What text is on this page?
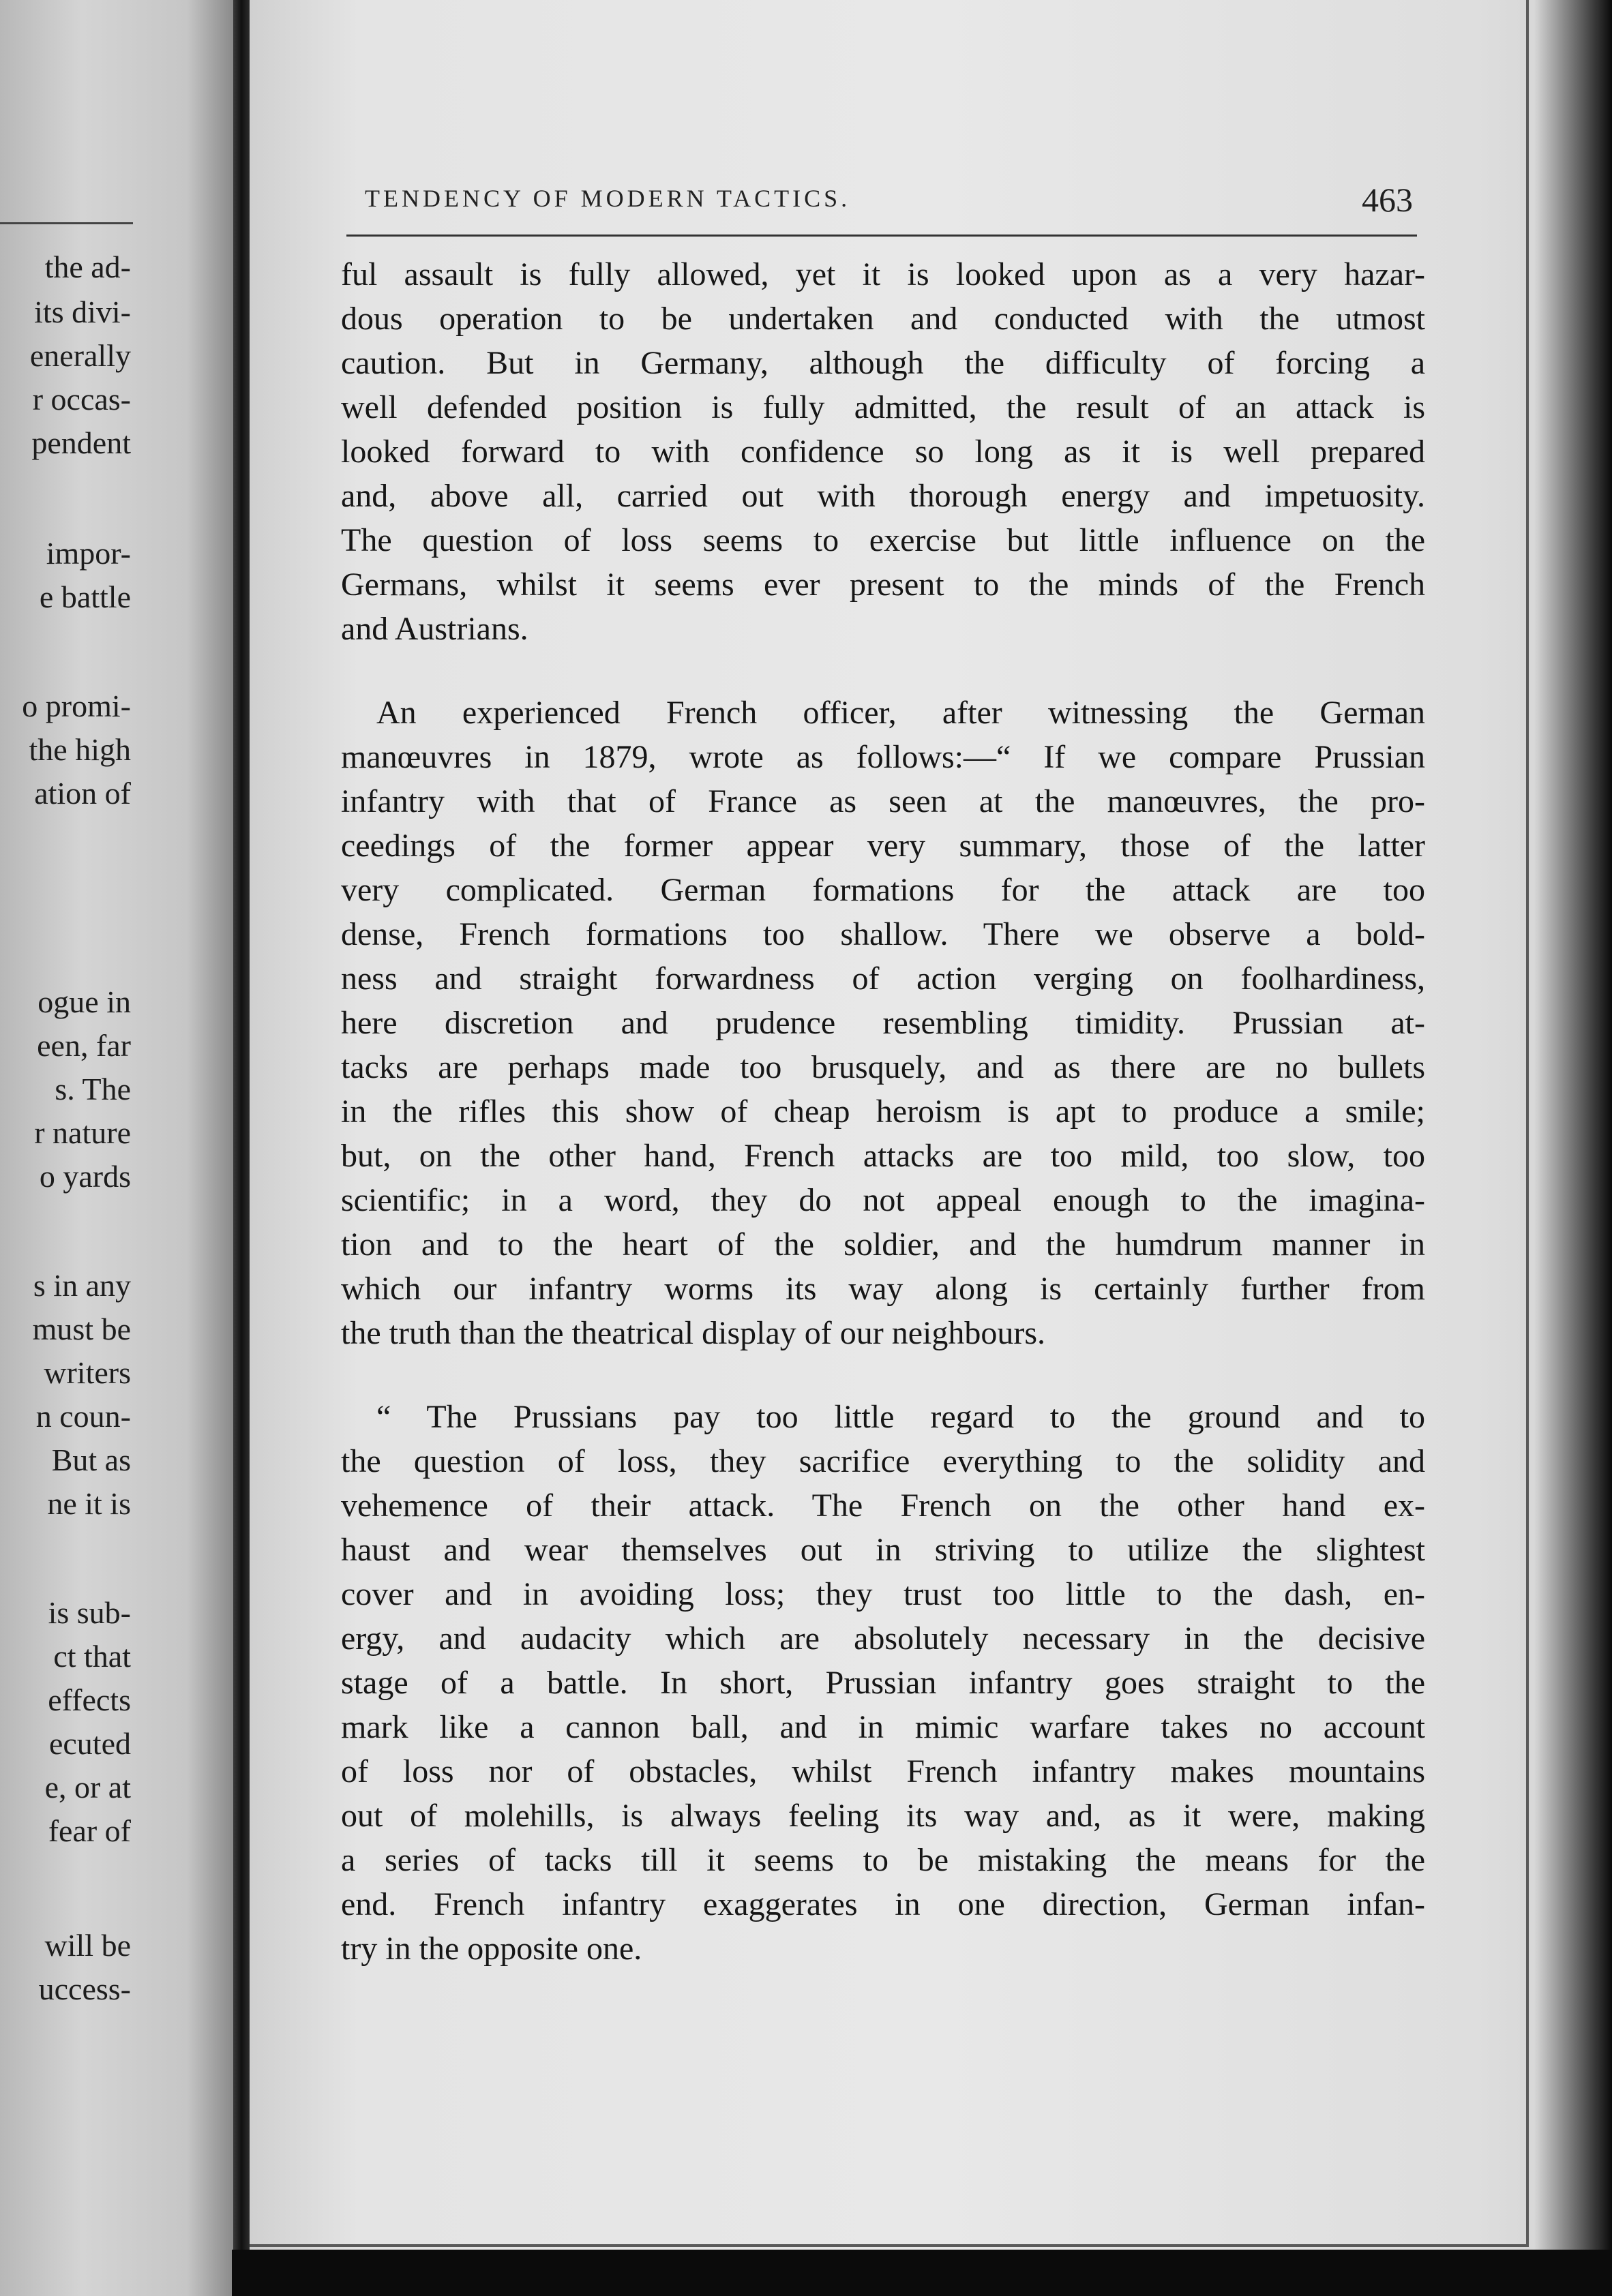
the ad-

its divi-

enerally

r occas-

pendent

impor-

e battle

o promi-

the high

ation of

ogue in

een, far

s. The

r nature

o yards

s in any

must be

writers

n coun-

But as

ne it is

is sub-

ct that

effects

ecuted

e, or at

fear of

will be

uccess-

TENDENCY OF MODERN TACTICS.	463

ful assault is fully allowed, yet it is looked upon as a very hazar-
dous operation to be undertaken and conducted with the utmost
caution. But in Germany, although the difficulty of forcing a
well defended position is fully admitted, the result of an attack is
looked forward to with confidence so long as it is well prepared
and, above all, carried out with thorough energy and impetuosity.
The question of loss seems to exercise but little influence on the
Germans, whilst it seems ever present to the minds of the French
and Austrians.
An experienced French officer, after witnessing the German
manœuvres in 1879, wrote as follows:—“ If we compare Prussian
infantry with that of France as seen at the manœuvres, the pro-
ceedings of the former appear very summary, those of the latter
very complicated. German formations for the attack are too
dense, French formations too shallow. There we observe a bold-
ness and straight forwardness of action verging on foolhardiness,
here discretion and prudence resembling timidity. Prussian at-
tacks are perhaps made too brusquely, and as there are no bullets
in the rifles this show of cheap heroism is apt to produce a smile;
but, on the other hand, French attacks are too mild, too slow, too
scientific; in a word, they do not appeal enough to the imagina-
tion and to the heart of the soldier, and the humdrum manner in
which our infantry worms its way along is certainly further from
the truth than the theatrical display of our neighbours.
“ The Prussians pay too little regard to the ground and to
the question of loss, they sacrifice everything to the solidity and
vehemence of their attack. The French on the other hand ex-
haust and wear themselves out in striving to utilize the slightest
cover and in avoiding loss; they trust too little to the dash, en-
ergy, and audacity which are absolutely necessary in the decisive
stage of a battle. In short, Prussian infantry goes straight to the
mark like a cannon ball, and in mimic warfare takes no account
of loss nor of obstacles, whilst French infantry makes mountains
out of molehills, is always feeling its way and, as it were, making
a series of tacks till it seems to be mistaking the means for the
end. French infantry exaggerates in one direction, German infan-
try in the opposite one.
